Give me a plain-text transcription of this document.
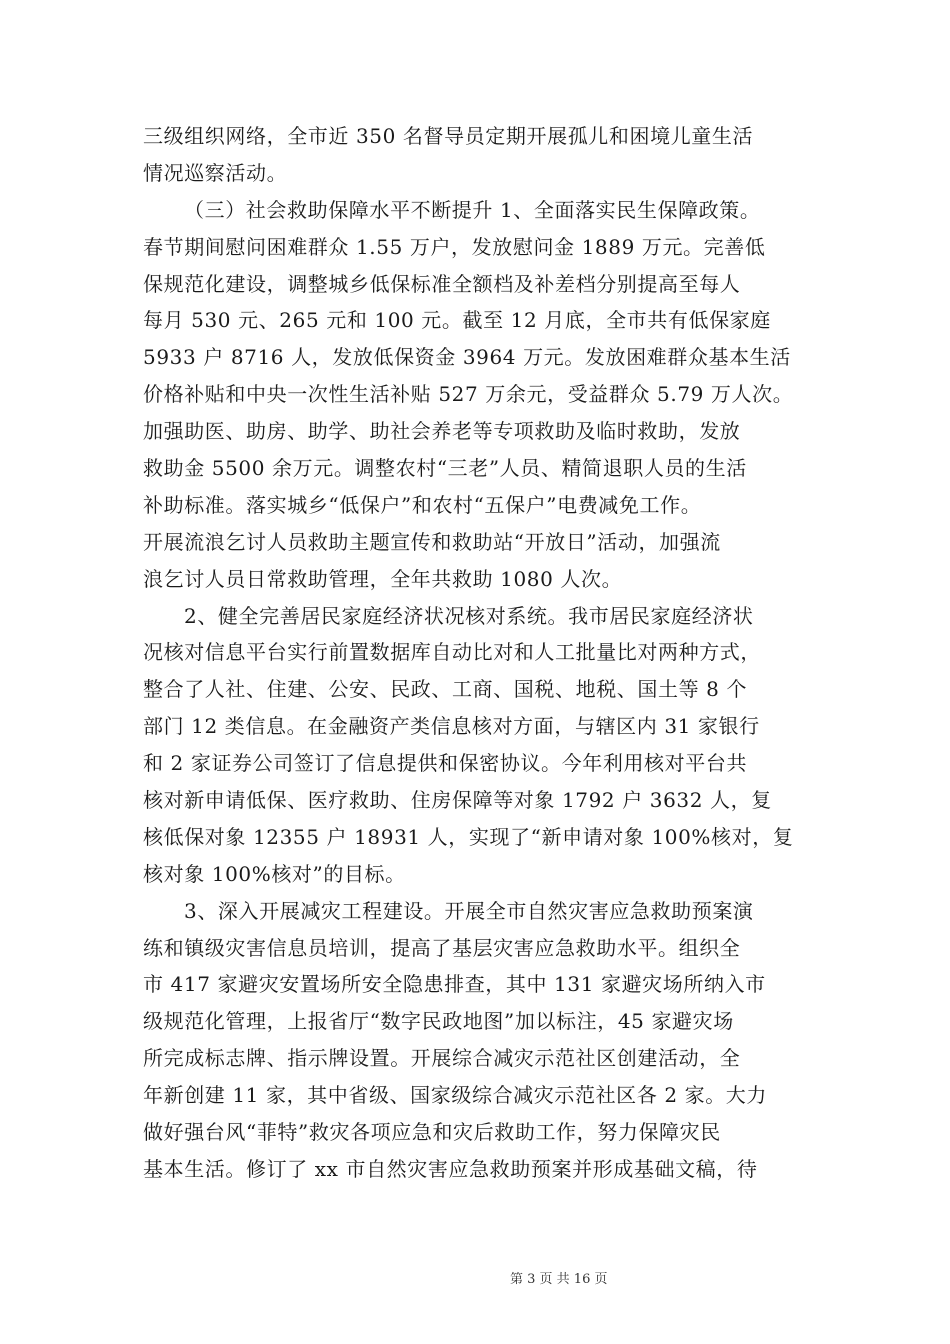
三级组织网络，全市近 350 名督导员定期开展孤儿和困境儿童生活
情况巡察活动。
（三）社会救助保障水平不断提升 1、全面落实民生保障政策。
春节期间慰问困难群众 1.55 万户，发放慰问金 1889 万元。完善低
保规范化建设，调整城乡低保标准全额档及补差档分别提高至每人
每月 530 元、265 元和 100 元。截至 12 月底，全市共有低保家庭
5933 户 8716 人，发放低保资金 3964 万元。发放困难群众基本生活
价格补贴和中央一次性生活补贴 527 万余元，受益群众 5.79 万人次。
加强助医、助房、助学、助社会养老等专项救助及临时救助，发放
救助金 5500 余万元。调整农村“三老”人员、精简退职人员的生活
补助标准。落实城乡“低保户”和农村“五保户”电费减免工作。
开展流浪乞讨人员救助主题宣传和救助站“开放日”活动，加强流
浪乞讨人员日常救助管理，全年共救助 1080 人次。
2、健全完善居民家庭经济状况核对系统。我市居民家庭经济状
况核对信息平台实行前置数据库自动比对和人工批量比对两种方式，
整合了人社、住建、公安、民政、工商、国税、地税、国土等 8 个
部门 12 类信息。在金融资产类信息核对方面，与辖区内 31 家银行
和 2 家证券公司签订了信息提供和保密协议。今年利用核对平台共
核对新申请低保、医疗救助、住房保障等对象 1792 户 3632 人，复
核低保对象 12355 户 18931 人，实现了“新申请对象 100%核对，复
核对象 100%核对”的目标。
3、深入开展减灾工程建设。开展全市自然灾害应急救助预案演
练和镇级灾害信息员培训，提高了基层灾害应急救助水平。组织全
市 417 家避灾安置场所安全隐患排查，其中 131 家避灾场所纳入市
级规范化管理，上报省厅“数字民政地图”加以标注，45 家避灾场
所完成标志牌、指示牌设置。开展综合减灾示范社区创建活动，全
年新创建 11 家，其中省级、国家级综合减灾示范社区各 2 家。大力
做好强台风“菲特”救灾各项应急和灾后救助工作，努力保障灾民
基本生活。修订了 xx 市自然灾害应急救助预案并形成基础文稿，待
第 3 页 共 16 页
